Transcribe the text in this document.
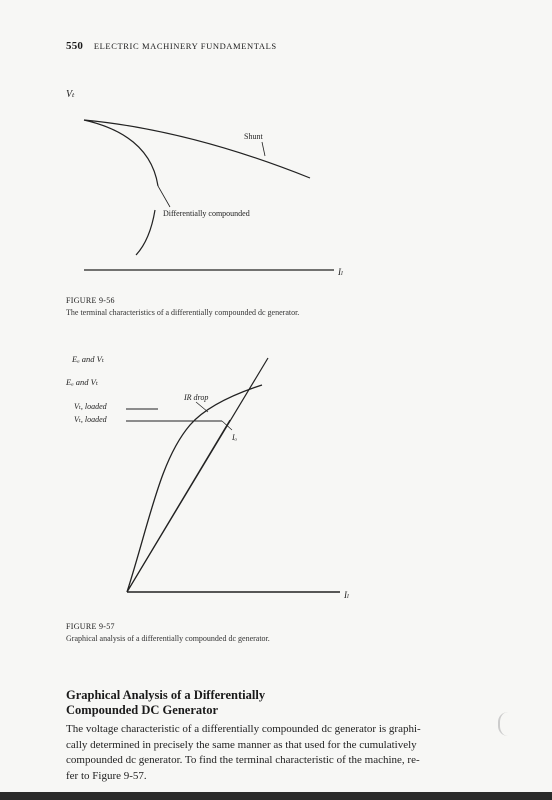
550 ELECTRIC MACHINERY FUNDAMENTALS
Vₜ
Shunt
Differentially compounded
Iₗ
FIGURE 9-56
The terminal characteristics of a differentially compounded dc generator.
Eₐ and Vₜ
Eₐ and Vₜ
Vₜ, loaded
Vₜ, loaded
IR drop
Iₐ
Iₗ
FIGURE 9-57
Graphical analysis of a differentially compounded dc generator.
Graphical Analysis of a Differentially
Compounded DC Generator
The voltage characteristic of a differentially compounded dc generator is graphi-
cally determined in precisely the same manner as that used for the cumulatively
compounded dc generator. To find the terminal characteristic of the machine, re-
fer to Figure 9-57.
